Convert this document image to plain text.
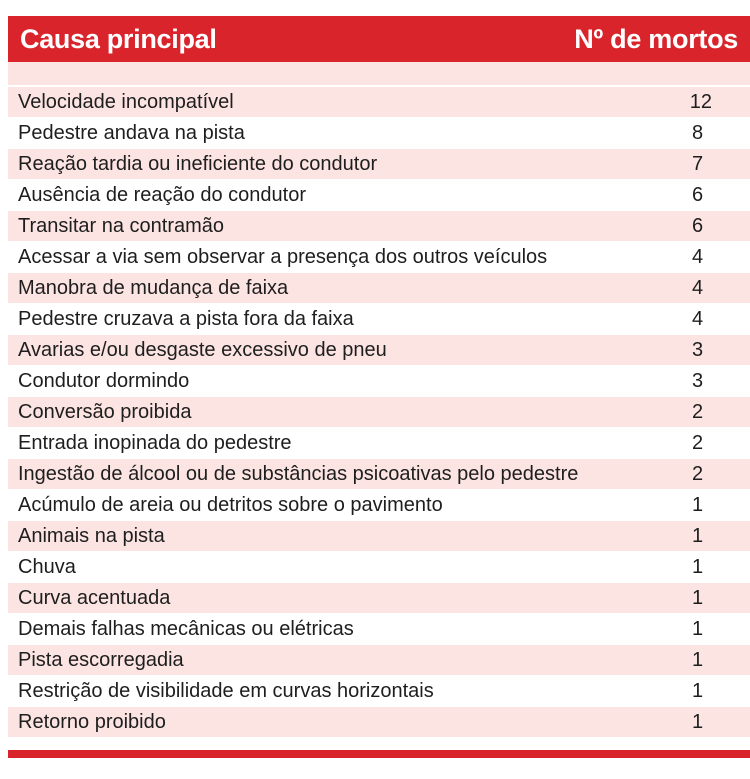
Causa principal	Nº de mortos
Velocidade incompatível	12
Pedestre andava na pista	8
Reação tardia ou ineficiente do condutor	7
Ausência de reação do condutor	6
Transitar na contramão	6
Acessar a via sem observar a presença dos outros veículos	4
Manobra de mudança de faixa	4
Pedestre cruzava a pista fora da faixa	4
Avarias e/ou desgaste excessivo de pneu	3
Condutor dormindo	3
Conversão proibida	2
Entrada inopinada do pedestre	2
Ingestão de álcool ou de substâncias psicoativas pelo pedestre	2
Acúmulo de areia ou detritos sobre o pavimento	1
Animais na pista	1
Chuva	1
Curva acentuada	1
Demais falhas mecânicas ou elétricas	1
Pista escorregadia	1
Restrição de visibilidade em curvas horizontais	1
Retorno proibido	1
